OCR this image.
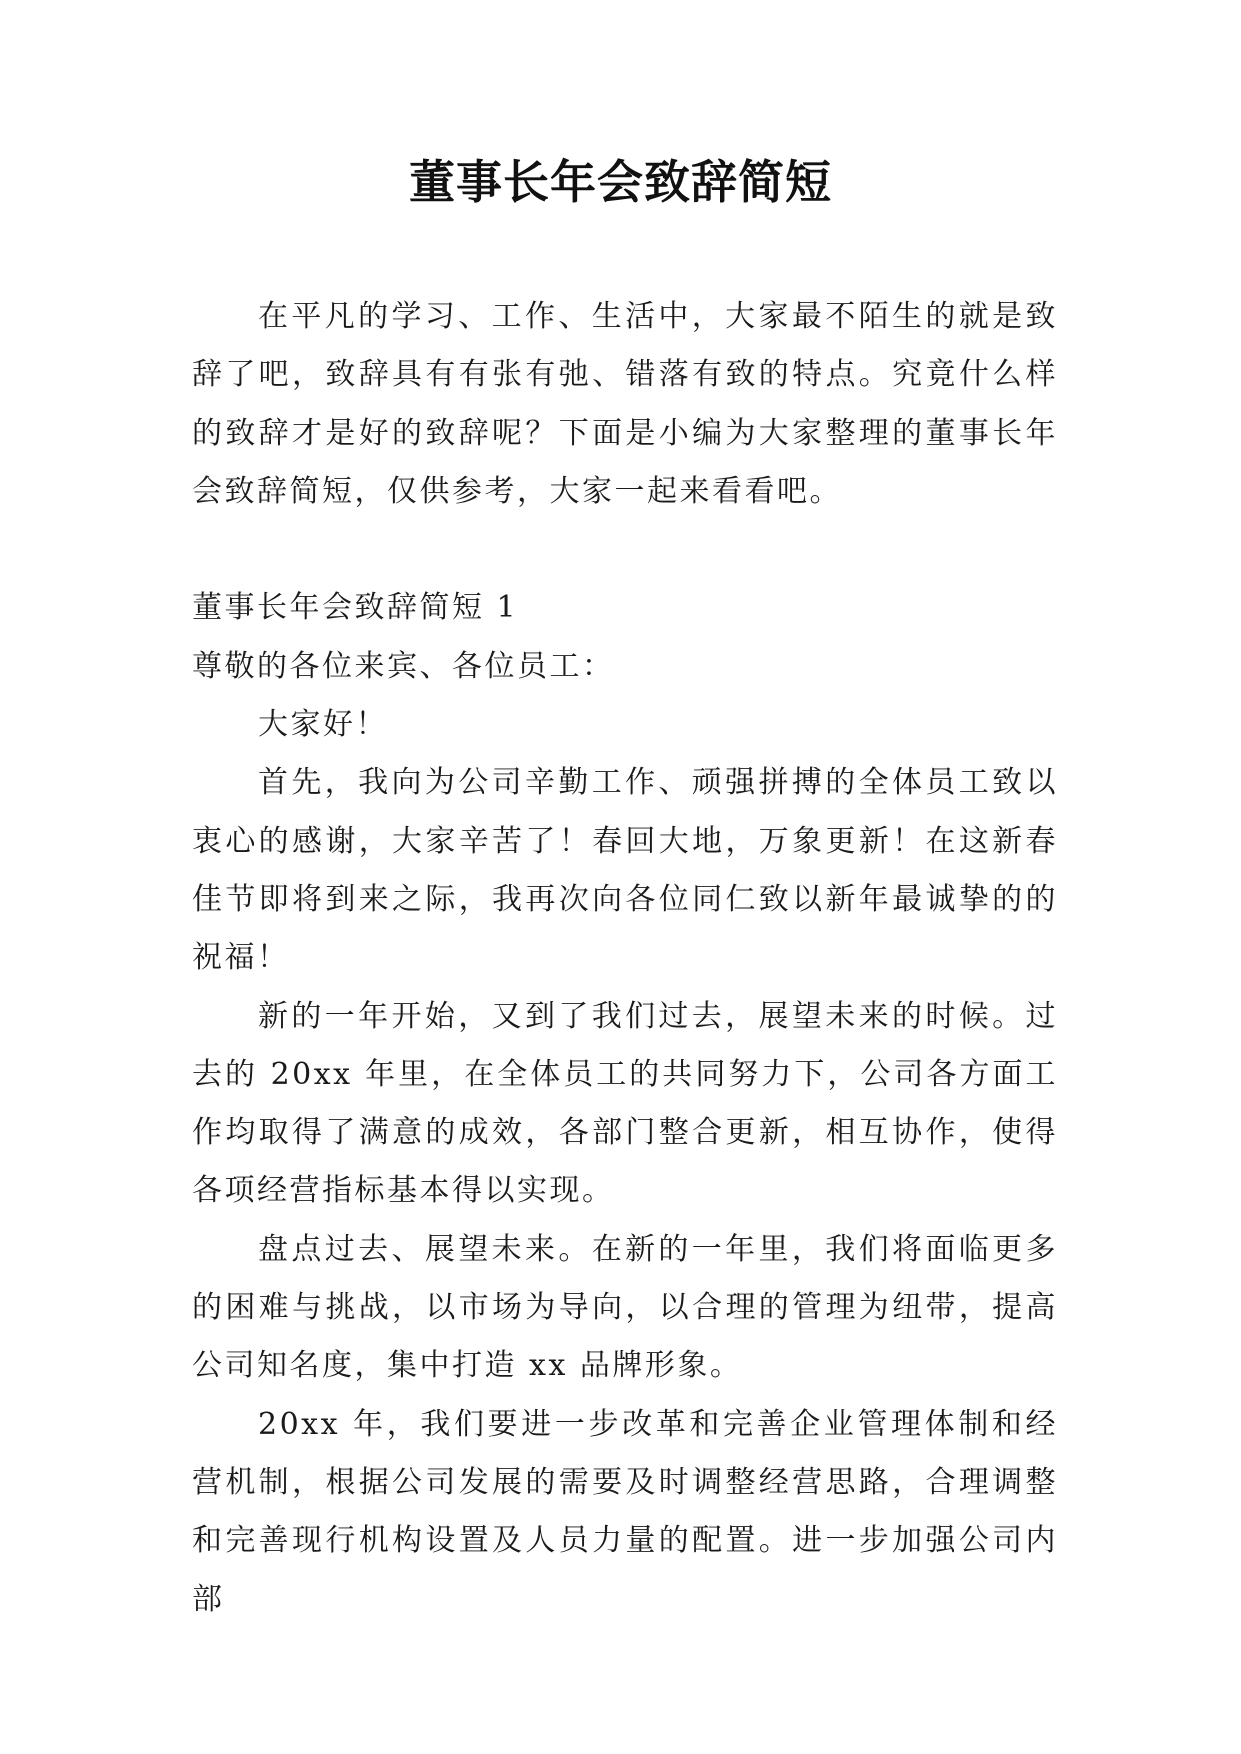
董事长年会致辞简短

在平凡的学习、工作、生活中，大家最不陌生的就是致辞了吧，致辞具有有张有弛、错落有致的特点。究竟什么样的致辞才是好的致辞呢？下面是小编为大家整理的董事长年会致辞简短，仅供参考，大家一起来看看吧。

董事长年会致辞简短 1

尊敬的各位来宾、各位员工：

大家好！

首先，我向为公司辛勤工作、顽强拼搏的全体员工致以衷心的感谢，大家辛苦了！春回大地，万象更新！在这新春佳节即将到来之际，我再次向各位同仁致以新年最诚挚的的祝福！

新的一年开始，又到了我们过去，展望未来的时候。过去的 20xx 年里，在全体员工的共同努力下，公司各方面工作均取得了满意的成效，各部门整合更新，相互协作，使得各项经营指标基本得以实现。

盘点过去、展望未来。在新的一年里，我们将面临更多的困难与挑战，以市场为导向，以合理的管理为纽带，提高公司知名度，集中打造 xx 品牌形象。

20xx 年，我们要进一步改革和完善企业管理体制和经营机制，根据公司发展的需要及时调整经营思路，合理调整和完善现行机构设置及人员力量的配置。进一步加强公司内部
